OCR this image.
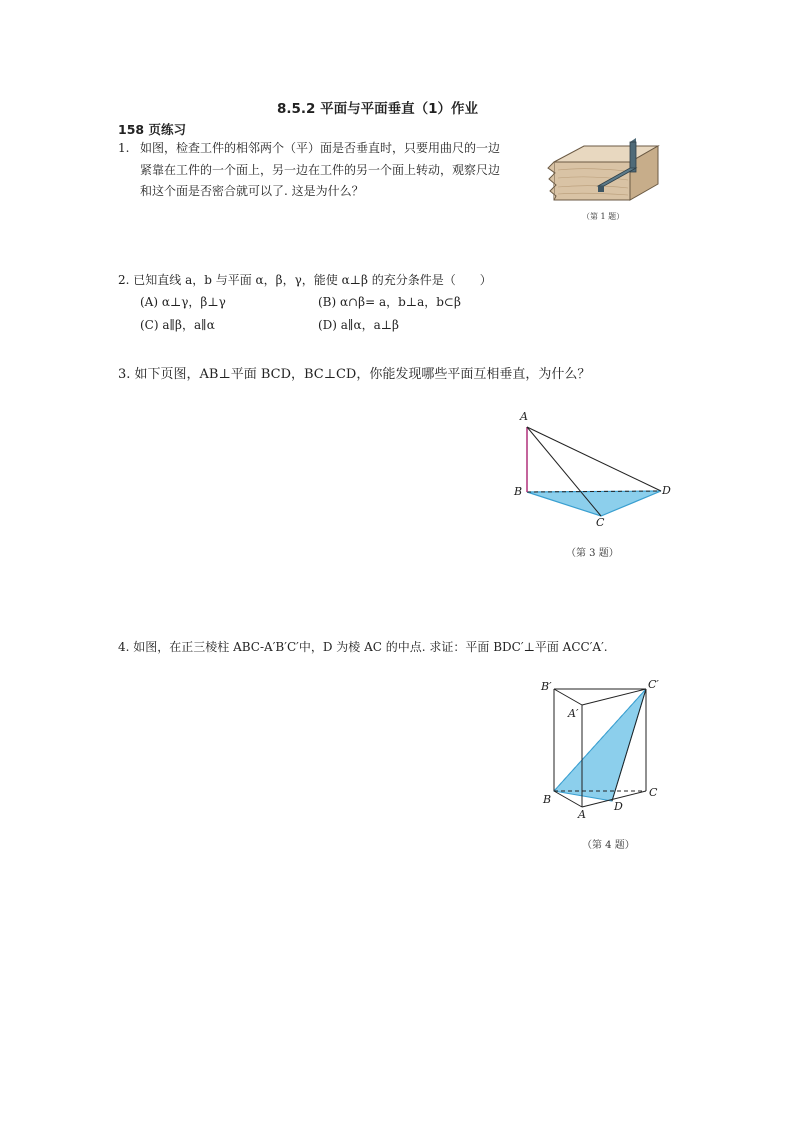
8.5.2 平面与平面垂直（1）作业
158 页练习
1. 如图，检查工件的相邻两个（平）面是否垂直时，只要用曲尺的一边
紧靠在工件的一个面上，另一边在工件的另一个面上转动，观察尺边
和这个面是否密合就可以了. 这是为什么？
（第 1 题）
2. 已知直线 a，b 与平面 α，β，γ，能使 α⊥β 的充分条件是（　　）
(A) α⊥γ，β⊥γ	(B) α∩β= a，b⊥a，b⊂β
(C) a∥β，a∥α	(D) a∥α，a⊥β
3. 如下页图，AB⊥平面 BCD，BC⊥CD，你能发现哪些平面互相垂直，为什么？
A
B
C
D
（第 3 题）
4. 如图，在正三棱柱 ABC-A′B′C′中，D 为棱 AC 的中点. 求证：平面 BDC′⊥平面 ACC′A′.
B′	C′
A′
B
C
A
D
（第 4 题）
